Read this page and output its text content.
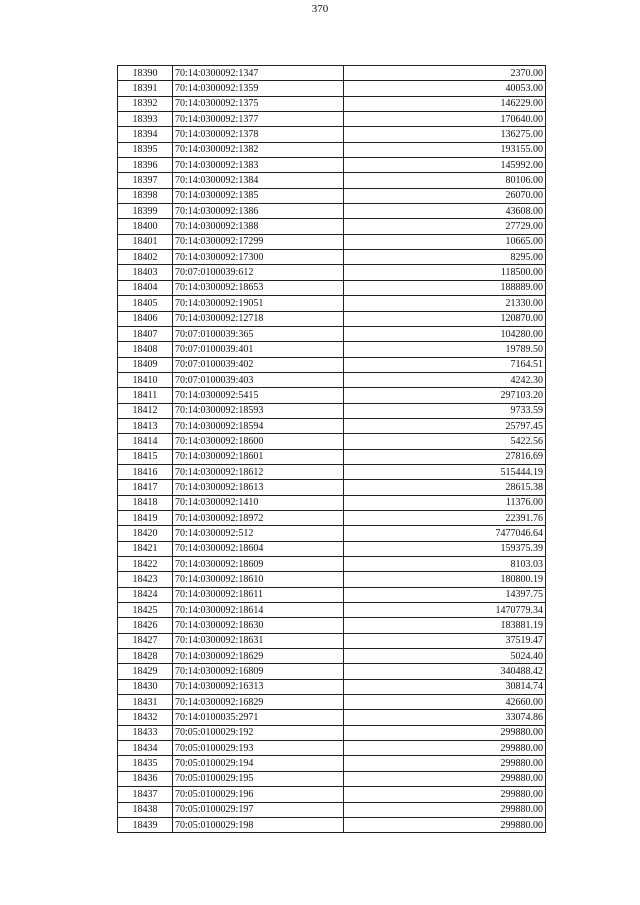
370
18390	70:14:0300092:1347	2370.00
18391	70:14:0300092:1359	40053.00
18392	70:14:0300092:1375	146229.00
18393	70:14:0300092:1377	170640.00
18394	70:14:0300092:1378	136275.00
18395	70:14:0300092:1382	193155.00
18396	70:14:0300092:1383	145992.00
18397	70:14:0300092:1384	80106.00
18398	70:14:0300092:1385	26070.00
18399	70:14:0300092:1386	43608.00
18400	70:14:0300092:1388	27729.00
18401	70:14:0300092:17299	10665.00
18402	70:14:0300092:17300	8295.00
18403	70:07:0100039:612	118500.00
18404	70:14:0300092:18653	188889.00
18405	70:14:0300092:19051	21330.00
18406	70:14:0300092:12718	120870.00
18407	70:07:0100039:365	104280.00
18408	70:07:0100039:401	19789.50
18409	70:07:0100039:402	7164.51
18410	70:07:0100039:403	4242.30
18411	70:14:0300092:5415	297103.20
18412	70:14:0300092:18593	9733.59
18413	70:14:0300092:18594	25797.45
18414	70:14:0300092:18600	5422.56
18415	70:14:0300092:18601	27816.69
18416	70:14:0300092:18612	515444.19
18417	70:14:0300092:18613	28615.38
18418	70:14:0300092:1410	11376.00
18419	70:14:0300092:18972	22391.76
18420	70:14:0300092:512	7477046.64
18421	70:14:0300092:18604	159375.39
18422	70:14:0300092:18609	8103.03
18423	70:14:0300092:18610	180800.19
18424	70:14:0300092:18611	14397.75
18425	70:14:0300092:18614	1470779.34
18426	70:14:0300092:18630	183881.19
18427	70:14:0300092:18631	37519.47
18428	70:14:0300092:18629	5024.40
18429	70:14:0300092:16809	340488.42
18430	70:14:0300092:16313	30814.74
18431	70:14:0300092:16829	42660.00
18432	70:14:0100035:2971	33074.86
18433	70:05:0100029:192	299880.00
18434	70:05:0100029:193	299880.00
18435	70:05:0100029:194	299880.00
18436	70:05:0100029:195	299880.00
18437	70:05:0100029:196	299880.00
18438	70:05:0100029:197	299880.00
18439	70:05:0100029:198	299880.00
